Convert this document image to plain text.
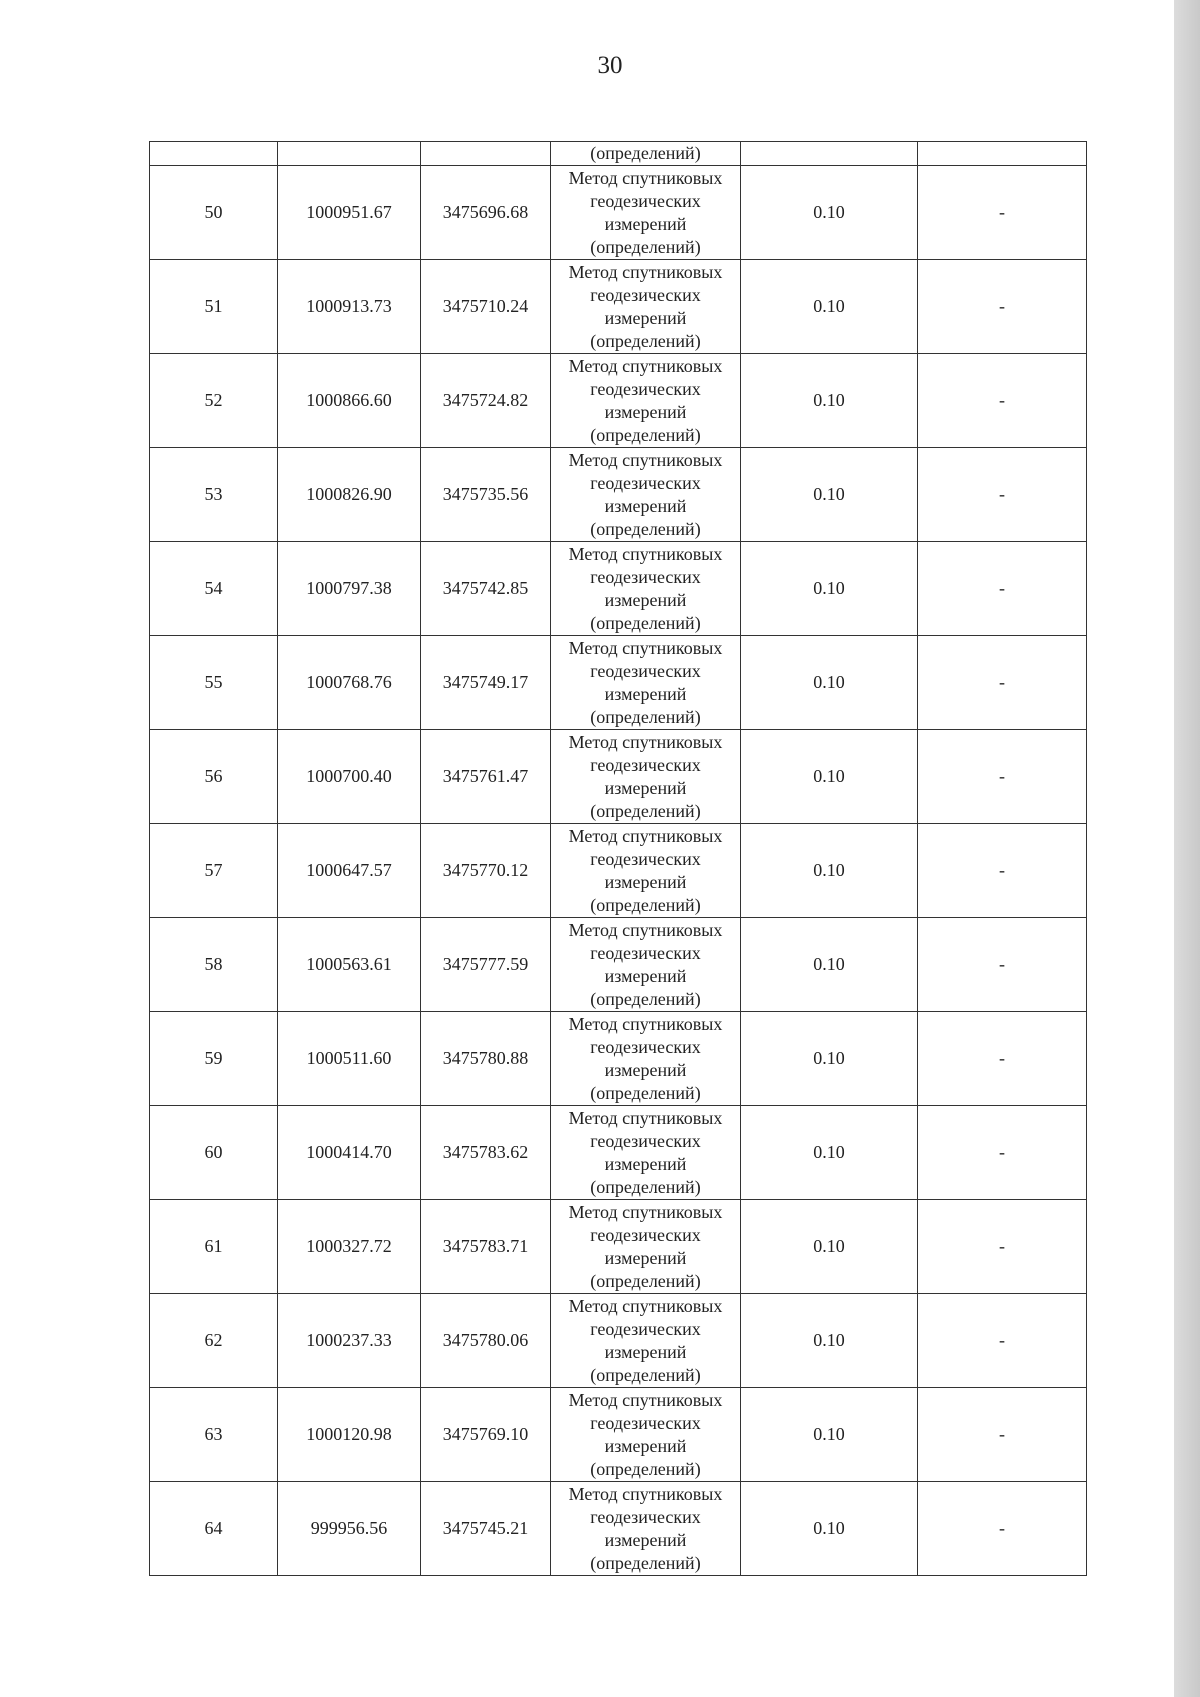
30
			(определений)		
50	1000951.67	3475696.68	Метод спутниковых
геодезических
измерений
(определений)	0.10	-
51	1000913.73	3475710.24	Метод спутниковых
геодезических
измерений
(определений)	0.10	-
52	1000866.60	3475724.82	Метод спутниковых
геодезических
измерений
(определений)	0.10	-
53	1000826.90	3475735.56	Метод спутниковых
геодезических
измерений
(определений)	0.10	-
54	1000797.38	3475742.85	Метод спутниковых
геодезических
измерений
(определений)	0.10	-
55	1000768.76	3475749.17	Метод спутниковых
геодезических
измерений
(определений)	0.10	-
56	1000700.40	3475761.47	Метод спутниковых
геодезических
измерений
(определений)	0.10	-
57	1000647.57	3475770.12	Метод спутниковых
геодезических
измерений
(определений)	0.10	-
58	1000563.61	3475777.59	Метод спутниковых
геодезических
измерений
(определений)	0.10	-
59	1000511.60	3475780.88	Метод спутниковых
геодезических
измерений
(определений)	0.10	-
60	1000414.70	3475783.62	Метод спутниковых
геодезических
измерений
(определений)	0.10	-
61	1000327.72	3475783.71	Метод спутниковых
геодезических
измерений
(определений)	0.10	-
62	1000237.33	3475780.06	Метод спутниковых
геодезических
измерений
(определений)	0.10	-
63	1000120.98	3475769.10	Метод спутниковых
геодезических
измерений
(определений)	0.10	-
64	999956.56	3475745.21	Метод спутниковых
геодезических
измерений
(определений)	0.10	-
